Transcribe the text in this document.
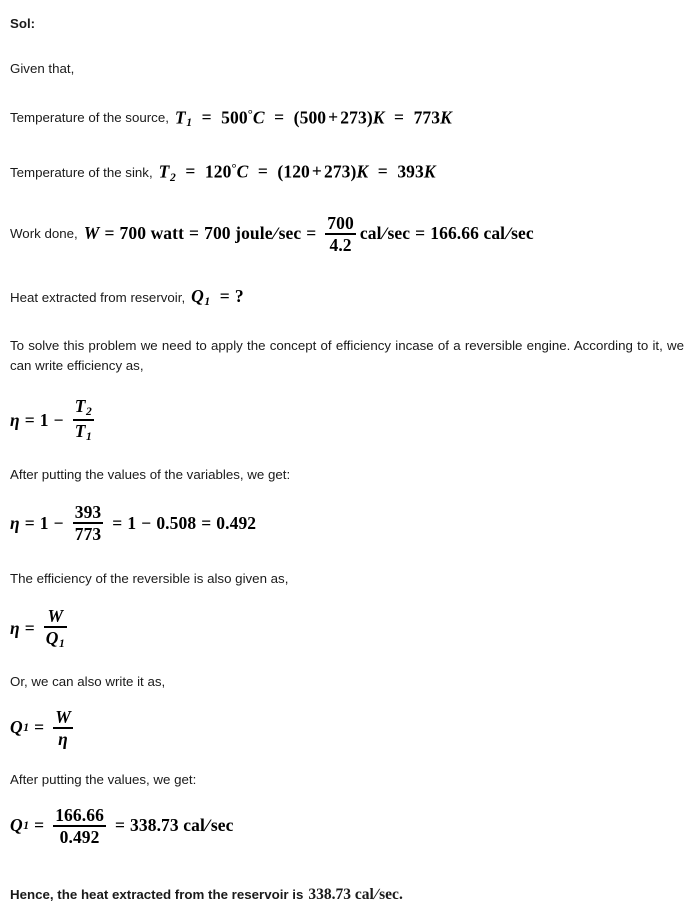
Sol:
Given that,
Temperature of the source, $T_1 = 500^\circ C = (500 + 273)K = 773K$
Temperature of the sink, $T_2 = 120^\circ C = (120 + 273)K = 393K$
Work done, W = 700
watt = 700
joule/sec = $\frac{700}{4.2} cal/\sec = 166.66$
cal/sec
Heat extracted from reservoir, $Q_1$ = ?
To solve this problem we need to apply the concept of efficiency incase of a reversible engine. According to it, we can write efficiency as,
$\eta = 1 - \frac{T_2}{T_1}$
After putting the values of the variables, we get:
$\eta = 1 - \frac{393}{773} = 1 - 0.508 = 0.492$
The efficiency of the reversible is also given as,
$\eta = \frac{W}{Q_1}$
Or, we can also write it as,
Q $1 = \frac{W}{\eta}$
After putting the values, we get:
Q $1 = \frac{166.66}{0.492} = 338.73$
cal/sec
Hence, the heat extracted from the reservoir is 338.73 cal/sec.
